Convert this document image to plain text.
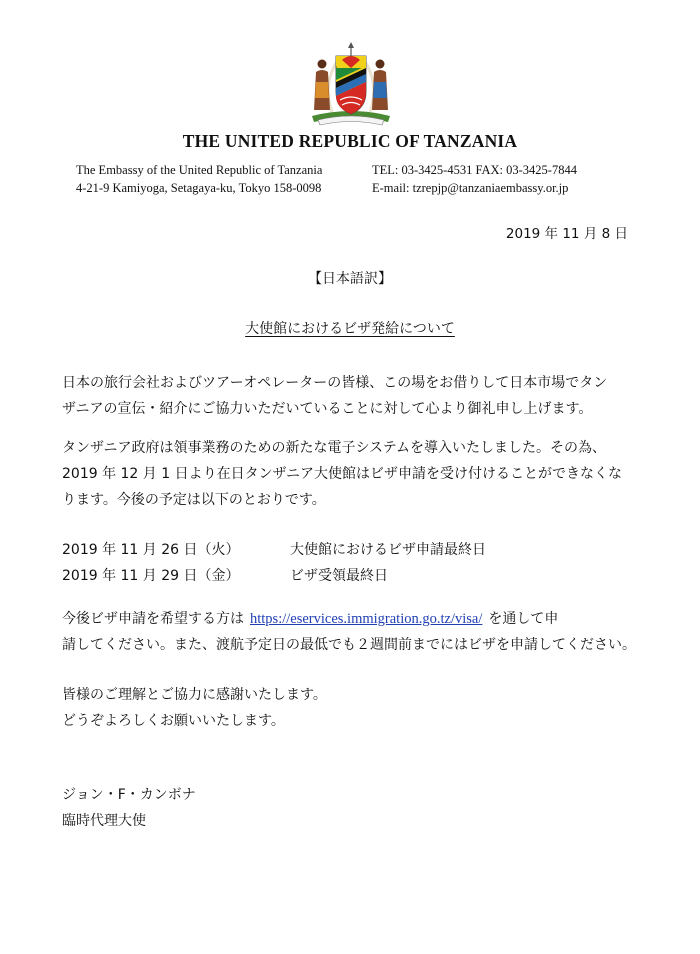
THE UNITED REPUBLIC OF TANZANIA
The Embassy of the United Republic of Tanzania
4-21-9 Kamiyoga, Setagaya-ku, Tokyo 158-0098
TEL: 03-3425-4531 FAX: 03-3425-7844
E-mail: tzrepjp@tanzaniaembassy.or.jp
2019 年 11 月 8 日
【日本語訳】
大使館におけるビザ発給について
日本の旅行会社およびツアーオペレーターの皆様、この場をお借りして日本市場でタン
ザニアの宣伝・紹介にご協力いただいていることに対して心より御礼申し上げます。
タンザニア政府は領事業務のための新たな電子システムを導入いたしました。その為、
2019 年 12 月 1 日より在日タンザニア大使館はビザ申請を受け付けることができなくな
ります。今後の予定は以下のとおりです。
2019 年 11 月 26 日（火）	大使館におけるビザ申請最終日
2019 年 11 月 29 日（金）	ビザ受領最終日
今後ビザ申請を希望する方は https://eservices.immigration.go.tz/visa/ を通して申
請してください。また、渡航予定日の最低でも２週間前までにはビザを申請してください。
皆様のご理解とご協力に感謝いたします。
どうぞよろしくお願いいたします。
ジョン・F・カンボナ
臨時代理大使
